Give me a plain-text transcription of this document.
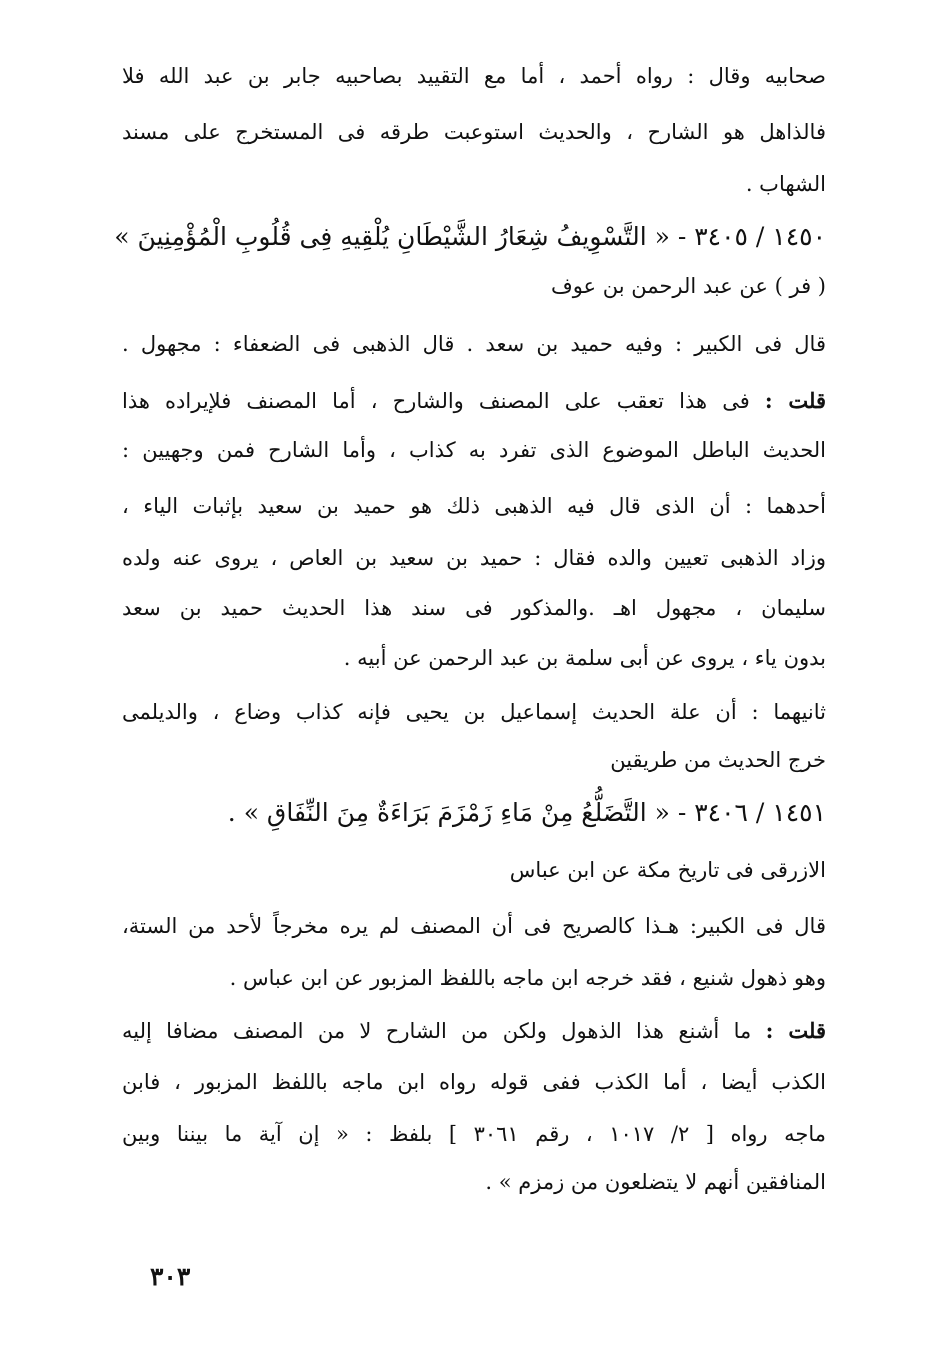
صحابيه وقال : رواه أحمد ، أما مع التقييد بصاحبيه جابر بن عبد الله فلا
فالذاهل هو الشارح ، والحديث استوعبت طرقه فى المستخرج على مسند
الشهاب .
١٤٥٠ / ٣٤٠٥ - « التَّسْوِيفُ شِعَارُ الشَّيْطَانِ يُلْقِيهِ فِى قُلُوبِ الْمُؤْمِنِينَ »
( فر ) عن عبد الرحمن بن عوف
قال فى الكبير : وفيه حميد بن سعد . قال الذهبى فى الضعفاء : مجهول .
قلت : فى هذا تعقب على المصنف والشارح ، أما المصنف فلإيراده هذا
الحديث الباطل الموضوع الذى تفرد به كذاب ، وأما الشارح فمن وجهيين :
أحدهما : أن الذى قال فيه الذهبى ذلك هو حميد بن سعيد بإثبات الياء ،
وزاد الذهبى تعيين والده فقال : حميد بن سعيد بن العاص ، يروى عنه ولده
سليمان ، مجهول اهـ .والمذكور فى سند هذا الحديث حميد بن سعد
بدون ياء ، يروى عن أبى سلمة بن عبد الرحمن عن أبيه .
ثانيهما : أن علة الحديث إسماعيل بن يحيى فإنه كذاب وضاع ، والديلمى
خرج الحديث من طريقين
١٤٥١ / ٣٤٠٦ - « التَّضَلُّعُ مِنْ مَاءِ زَمْزَمَ بَرَاءَةٌ مِنَ النِّفَاقِ » .
الازرقى فى تاريخ مكة عن ابن عباس
قال فى الكبير: هـذا كالصريح فى أن المصنف لم يره مخرجاً لأحد من الستة،
وهو ذهول شنيع ، فقد خرجه ابن ماجه باللفظ المزبور عن ابن عباس .
قلت : ما أشنع هذا الذهول ولكن من الشارح لا من المصنف مضافا إليه
الكذب أيضا ، أما الكذب ففى قوله رواه ابن ماجه باللفظ المزبور ، فابن
ماجه رواه [ ٢/ ١٠١٧ ، رقم ٣٠٦١ ] بلفظ : « إن آية ما بيننا وبين
المنافقين أنهم لا يتضلعون من زمزم » .
٣٠٣
